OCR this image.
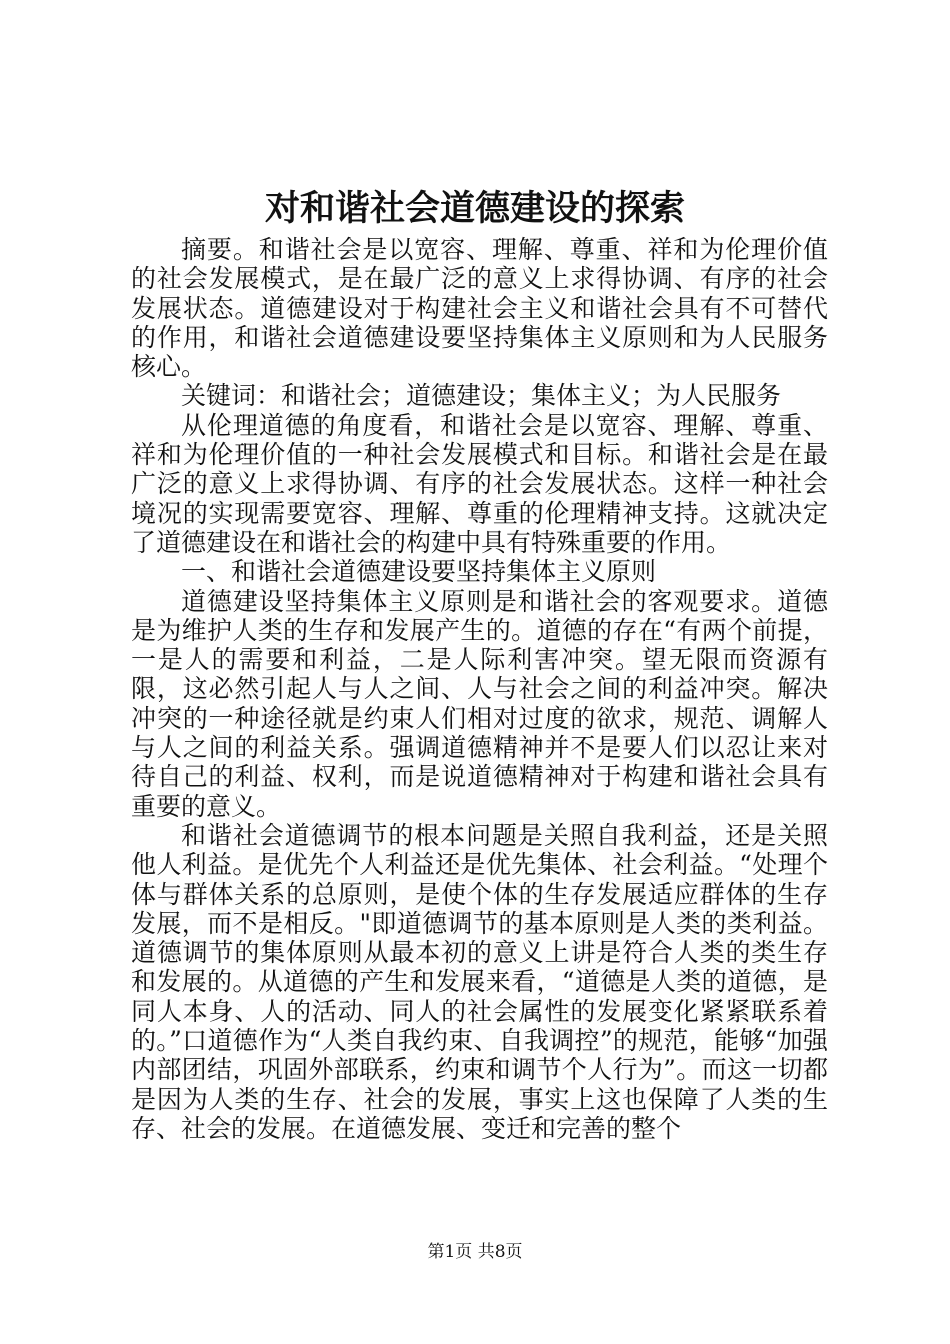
对和谐社会道德建设的探索

摘要。和谐社会是以宽容、理解、尊重、祥和为伦理价值的社会发展模式，是在最广泛的意义上求得协调、有序的社会发展状态。道德建设对于构建社会主义和谐社会具有不可替代的作用，和谐社会道德建设要坚持集体主义原则和为人民服务核心。

关键词：和谐社会；道德建设；集体主义；为人民服务

从伦理道德的角度看，和谐社会是以宽容、理解、尊重、祥和为伦理价值的一种社会发展模式和目标。和谐社会是在最广泛的意义上求得协调、有序的社会发展状态。这样一种社会境况的实现需要宽容、理解、尊重的伦理精神支持。这就决定了道德建设在和谐社会的构建中具有特殊重要的作用。

一、和谐社会道德建设要坚持集体主义原则

道德建设坚持集体主义原则是和谐社会的客观要求。道德是为维护人类的生存和发展产生的。道德的存在“有两个前提，一是人的需要和利益，二是人际利害冲突。望无限而资源有限，这必然引起人与人之间、人与社会之间的利益冲突。解决冲突的一种途径就是约束人们相对过度的欲求，规范、调解人与人之间的利益关系。强调道德精神并不是要人们以忍让来对待自己的利益、权利，而是说道德精神对于构建和谐社会具有重要的意义。

和谐社会道德调节的根本问题是关照自我利益，还是关照他人利益。是优先个人利益还是优先集体、社会利益。“处理个体与群体关系的总原则，是使个体的生存发展适应群体的生存发展，而不是相反。"即道德调节的基本原则是人类的类利益。道德调节的集体原则从最本初的意义上讲是符合人类的类生存和发展的。从道德的产生和发展来看，“道德是人类的道德，是同人本身、人的活动、同人的社会属性的发展变化紧紧联系着的。”口道德作为“人类自我约束、自我调控”的规范，能够“加强内部团结，巩固外部联系，约束和调节个人行为”。而这一切都是因为人类的生存、社会的发展，事实上这也保障了人类的生存、社会的发展。在道德发展、变迁和完善的整个

第1页 共8页
